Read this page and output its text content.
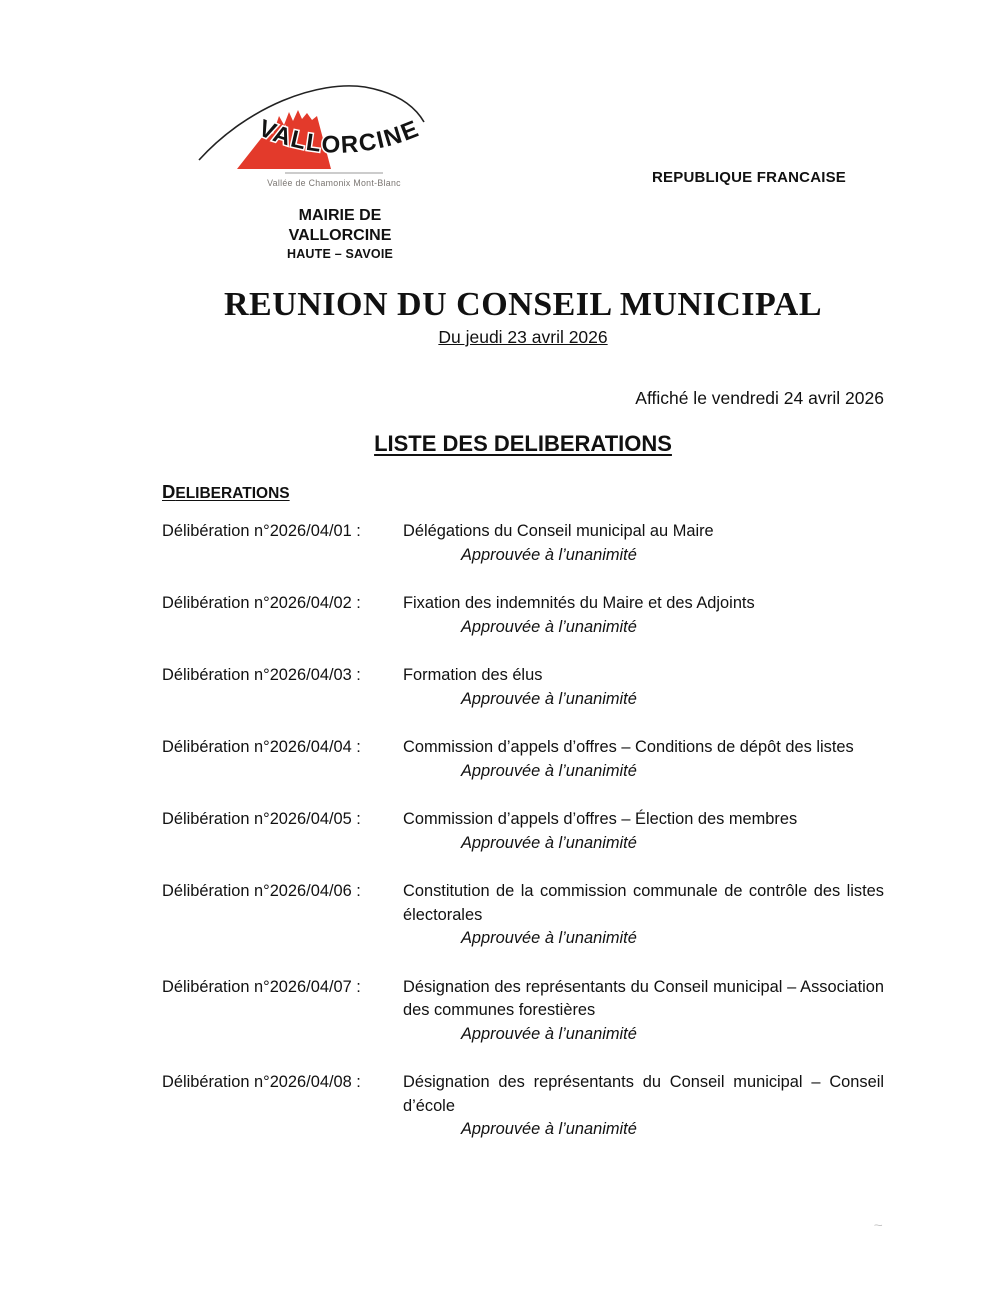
VALLORCINE
Vallée de Chamonix Mont-Blanc	REPUBLIQUE FRANCAISE
MAIRIE DE
VALLORCINE
HAUTE – SAVOIE
REUNION DU CONSEIL MUNICIPAL
Du jeudi 23 avril 2026
Affiché le vendredi 24 avril 2026
LISTE DES DELIBERATIONS
DELIBERATIONS
Délibération n°2026/04/01 :	Délégations du Conseil municipal au Maire
Approuvée à l’unanimité
Délibération n°2026/04/02 :	Fixation des indemnités du Maire et des Adjoints
Approuvée à l’unanimité
Délibération n°2026/04/03 :	Formation des élus
Approuvée à l’unanimité
Délibération n°2026/04/04 :	Commission d’appels d’offres – Conditions de dépôt des listes
Approuvée à l’unanimité
Délibération n°2026/04/05 :	Commission d’appels d’offres – Élection des membres
Approuvée à l’unanimité
Délibération n°2026/04/06 :	Constitution de la commission communale de contrôle des listes électorales
Approuvée à l’unanimité
Délibération n°2026/04/07 :	Désignation des représentants du Conseil municipal – Association des communes forestières
Approuvée à l’unanimité
Délibération n°2026/04/08 :	Désignation des représentants du Conseil municipal – Conseil d’école
Approuvée à l’unanimité
~
